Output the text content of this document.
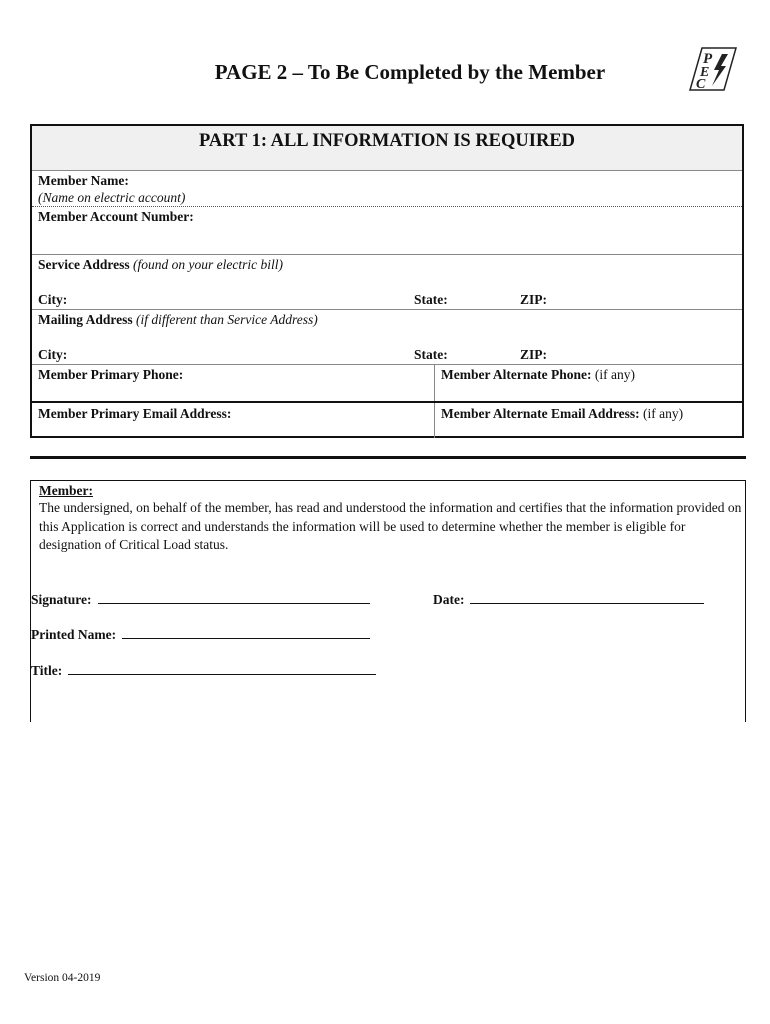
PAGE 2 – To Be Completed by the Member
P
E
C
PART 1: ALL INFORMATION IS REQUIRED
Member Name:
(Name on electric account)
Member Account Number:
Service Address (found on your electric bill)
City:	State:	ZIP:
Mailing Address (if different than Service Address)
City:	State:	ZIP:
Member Primary Phone:	Member Alternate Phone: (if any)
Member Primary Email Address:	Member Alternate Email Address: (if any)
Member:
The undersigned, on behalf of the member, has read and understood the information and certifies that the information provided on this Application is correct and understands the information will be used to determine whether the member is eligible for designation of Critical Load status.
Signature:	Date:
Printed Name:
Title:
Version 04-2019
